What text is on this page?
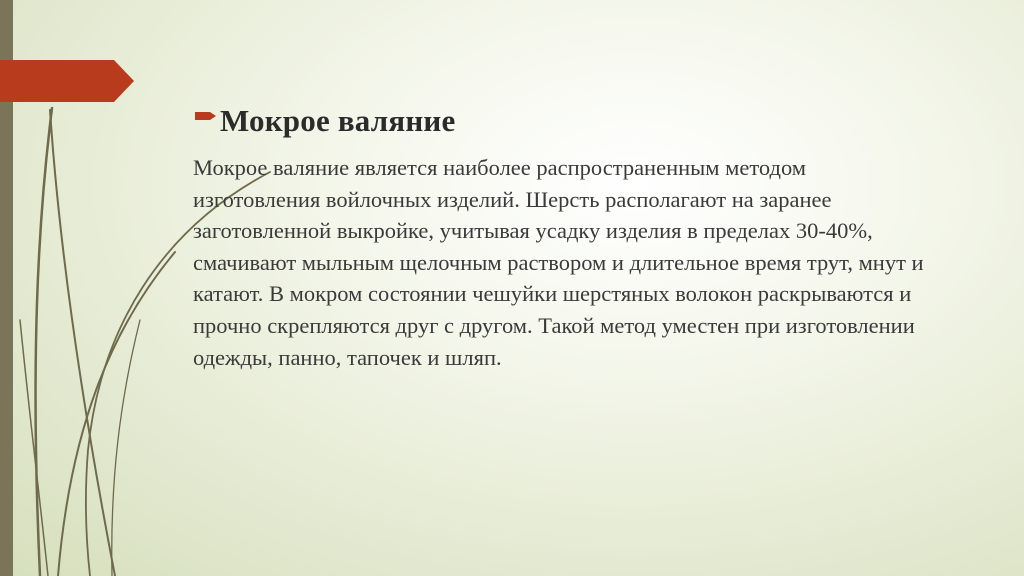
Мокрое валяние

Мокрое валяние является наиболее распространенным методом изготовления войлочных изделий. Шерсть располагают на заранее заготовленной выкройке, учитывая усадку изделия в пределах 30-40%, смачивают мыльным щелочным раствором и длительное время трут, мнут и катают. В мокром состоянии чешуйки шерстяных волокон раскрываются и прочно скрепляются друг с другом. Такой метод уместен при изготовлении одежды, панно, тапочек и шляп.
